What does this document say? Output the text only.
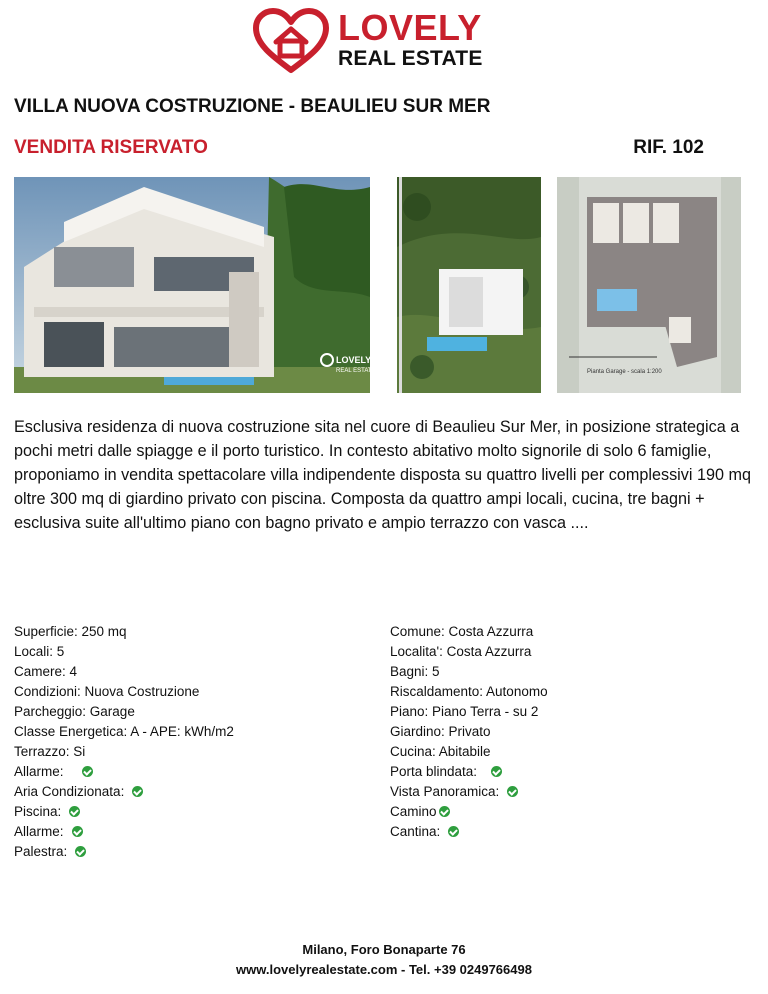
LOVELY
REAL ESTATE
VILLA NUOVA COSTRUZIONE - BEAULIEU SUR MER
VENDITA RISERVATO	RIF. 102
LOVELY
REAL ESTATE	Pianta Garage - scala 1:200
Esclusiva residenza di nuova costruzione sita nel cuore di Beaulieu Sur Mer, in posizione strategica a pochi metri dalle spiagge e il porto turistico. In contesto abitativo molto signorile di solo 6 famiglie, proponiamo in vendita spettacolare villa indipendente disposta su quattro livelli per complessivi 190 mq oltre 300 mq di giardino privato con piscina. Composta da quattro ampi locali, cucina, tre bagni + esclusiva suite all'ultimo piano con bagno privato e ampio terrazzo con vasca ....
Superficie: 250 mq
Locali: 5
Camere: 4
Condizioni: Nuova Costruzione
Parcheggio: Garage
Classe Energetica: A - APE: kWh/m2
Terrazzo: Si
Allarme:
Aria Condizionata:
Piscina:
Allarme:
Palestra:
Comune: Costa Azzurra
Localita': Costa Azzurra
Bagni: 5
Riscaldamento: Autonomo
Piano: Piano Terra - su 2
Giardino: Privato
Cucina: Abitabile
Porta blindata:
Vista Panoramica:
Camino
Cantina:
Milano, Foro Bonaparte 76
www.lovelyrealestate.com - Tel. +39 0249766498
